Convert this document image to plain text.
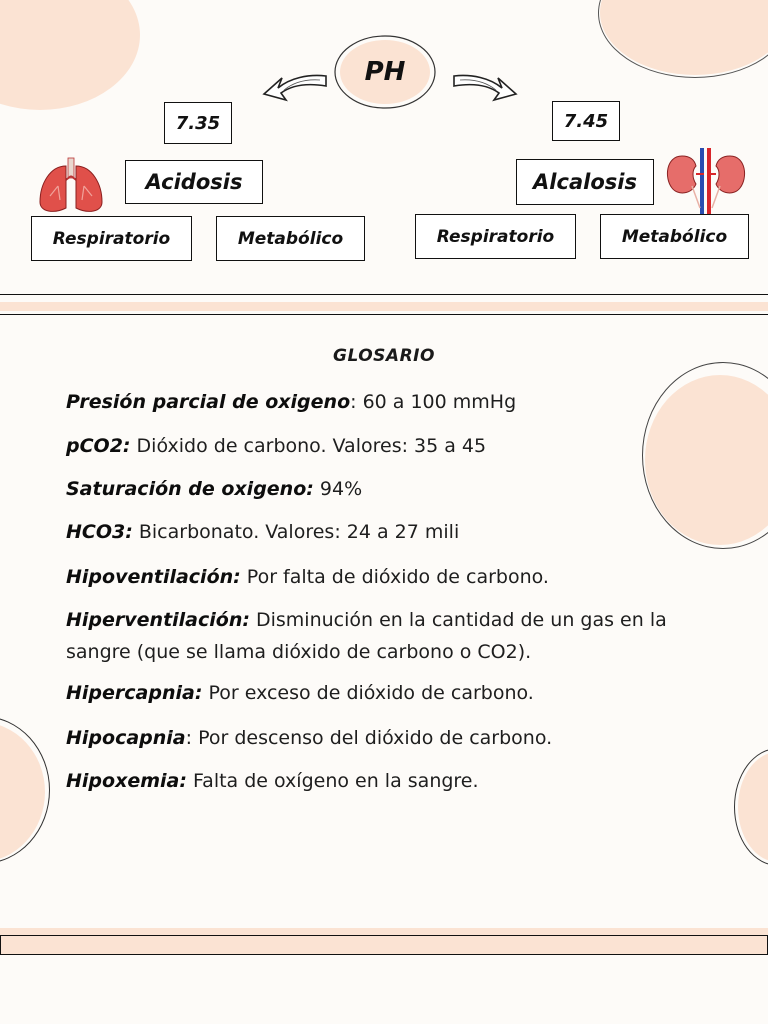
PH
7.35	7.45
Acidosis	Alcalosis
Respiratorio	Metabólico	Respiratorio	Metabólico
GLOSARIO
Presión parcial de oxigeno: 60 a 100 mmHg
pCO2: Dióxido de carbono. Valores: 35 a 45
Saturación de oxigeno: 94%
HCO3: Bicarbonato. Valores: 24 a 27 mili
Hipoventilación: Por falta de dióxido de carbono.
Hiperventilación: Disminución en la cantidad de un gas en la sangre (que se llama dióxido de carbono o CO2).
Hipercapnia: Por exceso de dióxido de carbono.
Hipocapnia: Por descenso del dióxido de carbono.
Hipoxemia: Falta de oxígeno en la sangre.
